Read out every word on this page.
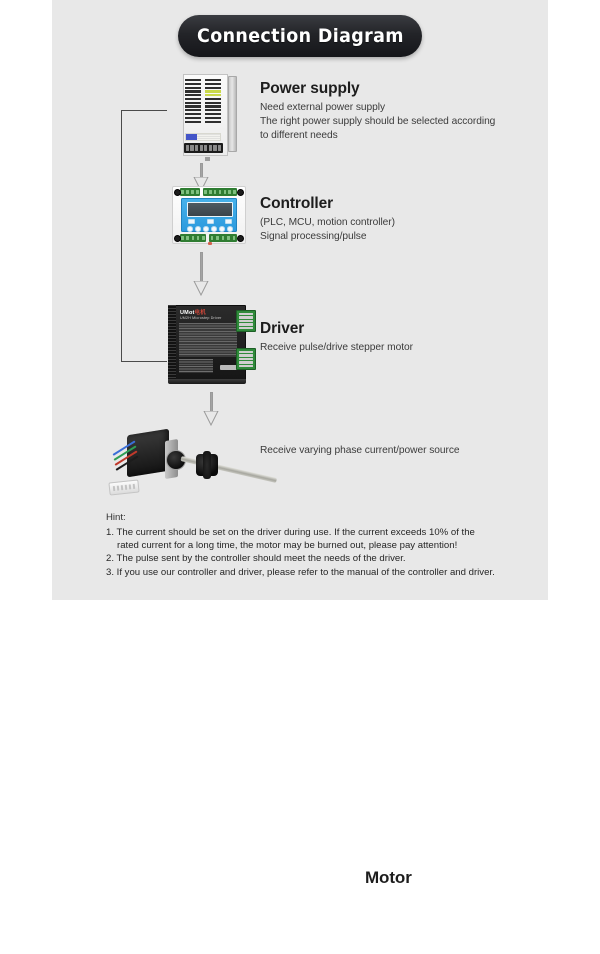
Connection Diagram
UMot电机
UM2H Microstep Driver
Power supply

Need external power supply

The right power supply should be selected according

to different needs

Controller

(PLC, MCU, motion controller)

Signal processing/pulse

Driver

Receive pulse/drive stepper motor

Motor

Receive varying phase current/power source

Hint:
1. The current should be set on the driver during use. If the current exceeds 10% of the
rated current for a long time, the motor may be burned out, please pay attention!
2. The pulse sent by the controller should meet the needs of the driver.
3. If you use our controller and driver, please refer to the manual of the controller and driver.
